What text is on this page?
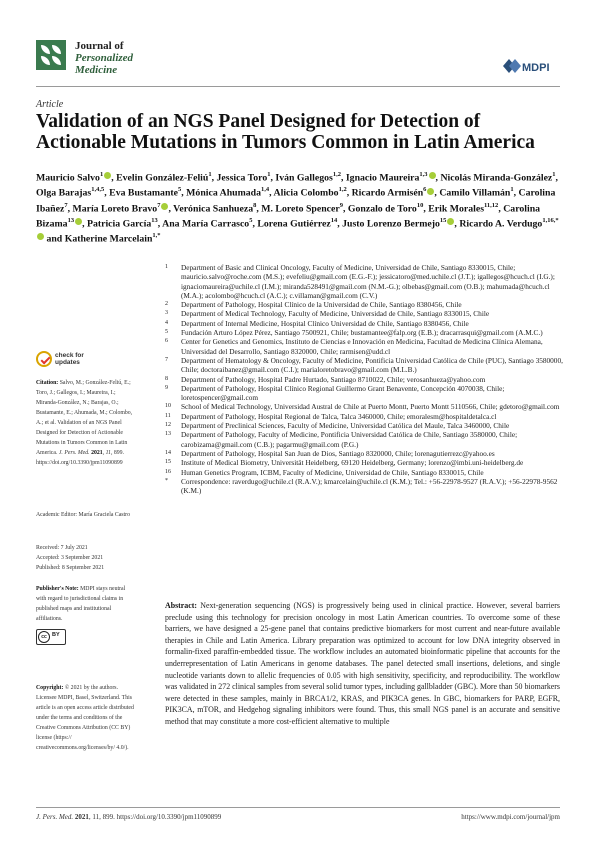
Journal of
Personalized
Medicine	MDPI
Article
Validation of an NGS Panel Designed for Detection of Actionable Mutations in Tumors Common in Latin America
Mauricio Salvo$^1$ , Evelin González-Feliú$^1$, Jessica Toro$^1$, Iván Gallegos$^{1,2}$, Ignacio Maureira$^{1,3}$ , Nicolás Miranda-González$^1$, Olga Barajas$^{1,4,5}$, Eva Bustamante$^5$, Mónica Ahumada$^{1,4}$, Alicia Colombo$^{1,2}$, Ricardo Armisén$^6$ , Camilo Villamán$^1$, Carolina Ibañez$^7$, María Loreto Bravo$^7$ , Verónica Sanhueza$^8$, M. Loreto Spencer$^9$, Gonzalo de Toro$^{10}$, Erik Morales$^{11,12}$, Carolina Bizama$^{13}$ , Patricia García$^{13}$, Ana María Carrasco$^5$, Lorena Gutiérrez$^{14}$, Justo Lorenzo Bermejo$^{15}$ , Ricardo A. Verdugo$^{1,16,*}$ and Katherine Marcelain$^{1,*}$
1	Department of Basic and Clinical Oncology, Faculty of Medicine, Universidad de Chile, Santiago 8330015, Chile; mauricio.salvo@roche.com (M.S.); evefeliu@gmail.com (E.G.-F.); jessicatoro@med.uchile.cl (J.T.); igallegos@hcuch.cl (I.G.); ignaciomaureira@uchile.cl (I.M.); miranda528491@gmail.com (N.M.-G.); olbebas@gmail.com (O.B.); mahumada@hcuch.cl (M.A.); acolombo@hcuch.cl (A.C.); c.villaman@gmail.com (C.V.)
2	Department of Pathology, Hospital Clínico de la Universidad de Chile, Santiago 8380456, Chile
3	Department of Medical Technology, Faculty of Medicine, Universidad de Chile, Santiago 8330015, Chile
4	Department of Internal Medicine, Hospital Clínico Universidad de Chile, Santiago 8380456, Chile
5	Fundación Arturo López Pérez, Santiago 7500921, Chile; bustamantee@falp.org (E.B.); dracarrasqui@gmail.com (A.M.C.)
6	Center for Genetics and Genomics, Instituto de Ciencias e Innovación en Medicina, Facultad de Medicina Clínica Alemana, Universidad del Desarrollo, Santiago 8320000, Chile; rarmisen@udd.cl
7	Department of Hematology & Oncology, Faculty of Medicine, Pontificia Universidad Católica de Chile (PUC), Santiago 3580000, Chile; doctoraibanez@gmail.com (C.I.); marialoretobravo@gmail.com (M.L.B.)
8	Department of Pathology, Hospital Padre Hurtado, Santiago 8710022, Chile; verosanhueza@yahoo.com
9	Department of Pathology, Hospital Clínico Regional Guillermo Grant Benavente, Concepción 4070038, Chile; loretospencer@gmail.com
10	School of Medical Technology, Universidad Austral de Chile at Puerto Montt, Puerto Montt 5110566, Chile; gdetoro@gmail.com
11	Department of Pathology, Hospital Regional de Talca, Talca 3460000, Chile; emoralesm@hospitaldetalca.cl
12	Department of Preclinical Sciences, Faculty of Medicine, Universidad Católica del Maule, Talca 3460000, Chile
13	Department of Pathology, Faculty of Medicine, Pontificia Universidad Católica de Chile, Santiago 3580000, Chile; carobizama@gmail.com (C.B.); pagarmu@gmail.com (P.G.)
14	Department of Pathology, Hospital San Juan de Dios, Santiago 8320000, Chile; lorenagutierrezc@yahoo.es
15	Institute of Medical Biometry, Universität Heidelberg, 69120 Heidelberg, Germany; lorenzo@imbi.uni-heidelberg.de
16	Human Genetics Program, ICBM, Faculty of Medicine, Universidad de Chile, Santiago 8330015, Chile
*	Correspondence: raverdugo@uchile.cl (R.A.V.); kmarcelain@uchile.cl (K.M.); Tel.: +56-22978-9527 (R.A.V.); +56-22978-9562 (K.M.)
check for
updates

Citation: Salvo, M.; González-Feliú, E.; Toro, J.; Gallegos, I.; Maureira, I.; Miranda-González, N.; Barajas, O.; Bustamante, E.; Ahumada, M.; Colombo, A.; et al. Validation of an NGS Panel Designed for Detection of Actionable Mutations in Tumors Common in Latin America. J. Pers. Med. 2021, 11, 899. https://doi.org/10.3390/jpm11090899

Academic Editor: María Graciela Castro

Received: 7 July 2021

Accepted: 3 September 2021

Published: 8 September 2021

Publisher's Note: MDPI stays neutral with regard to jurisdictional claims in published maps and institutional affiliations.

cc BY

Copyright: © 2021 by the authors. Licensee MDPI, Basel, Switzerland. This article is an open access article distributed under the terms and conditions of the Creative Commons Attribution (CC BY) license (https:// creativecommons.org/licenses/by/ 4.0/).

Abstract: Next-generation sequencing (NGS) is progressively being used in clinical practice. However, several barriers preclude using this technology for precision oncology in most Latin American countries. To overcome some of these barriers, we have designed a 25-gene panel that contains predictive biomarkers for most current and near-future available therapies in Chile and Latin America. Library preparation was optimized to account for low DNA integrity observed in formalin-fixed paraffin-embedded tissue. The workflow includes an automated bioinformatic pipeline that accounts for the underrepresentation of Latin Americans in genome databases. The panel detected small insertions, deletions, and single nucleotide variants down to allelic frequencies of 0.05 with high sensitivity, specificity, and reproducibility. The workflow was validated in 272 clinical samples from several solid tumor types, including gallbladder (GBC). More than 50 biomarkers were detected in these samples, mainly in BRCA1/2, KRAS, and PIK3CA genes. In GBC, biomarkers for PARP, EGFR, PIK3CA, mTOR, and Hedgehog signaling inhibitors were found. Thus, this small NGS panel is an accurate and sensitive method that may constitute a more cost-efficient alternative to multiple
J. Pers. Med. 2021, 11, 899. https://doi.org/10.3390/jpm11090899	https://www.mdpi.com/journal/jpm
